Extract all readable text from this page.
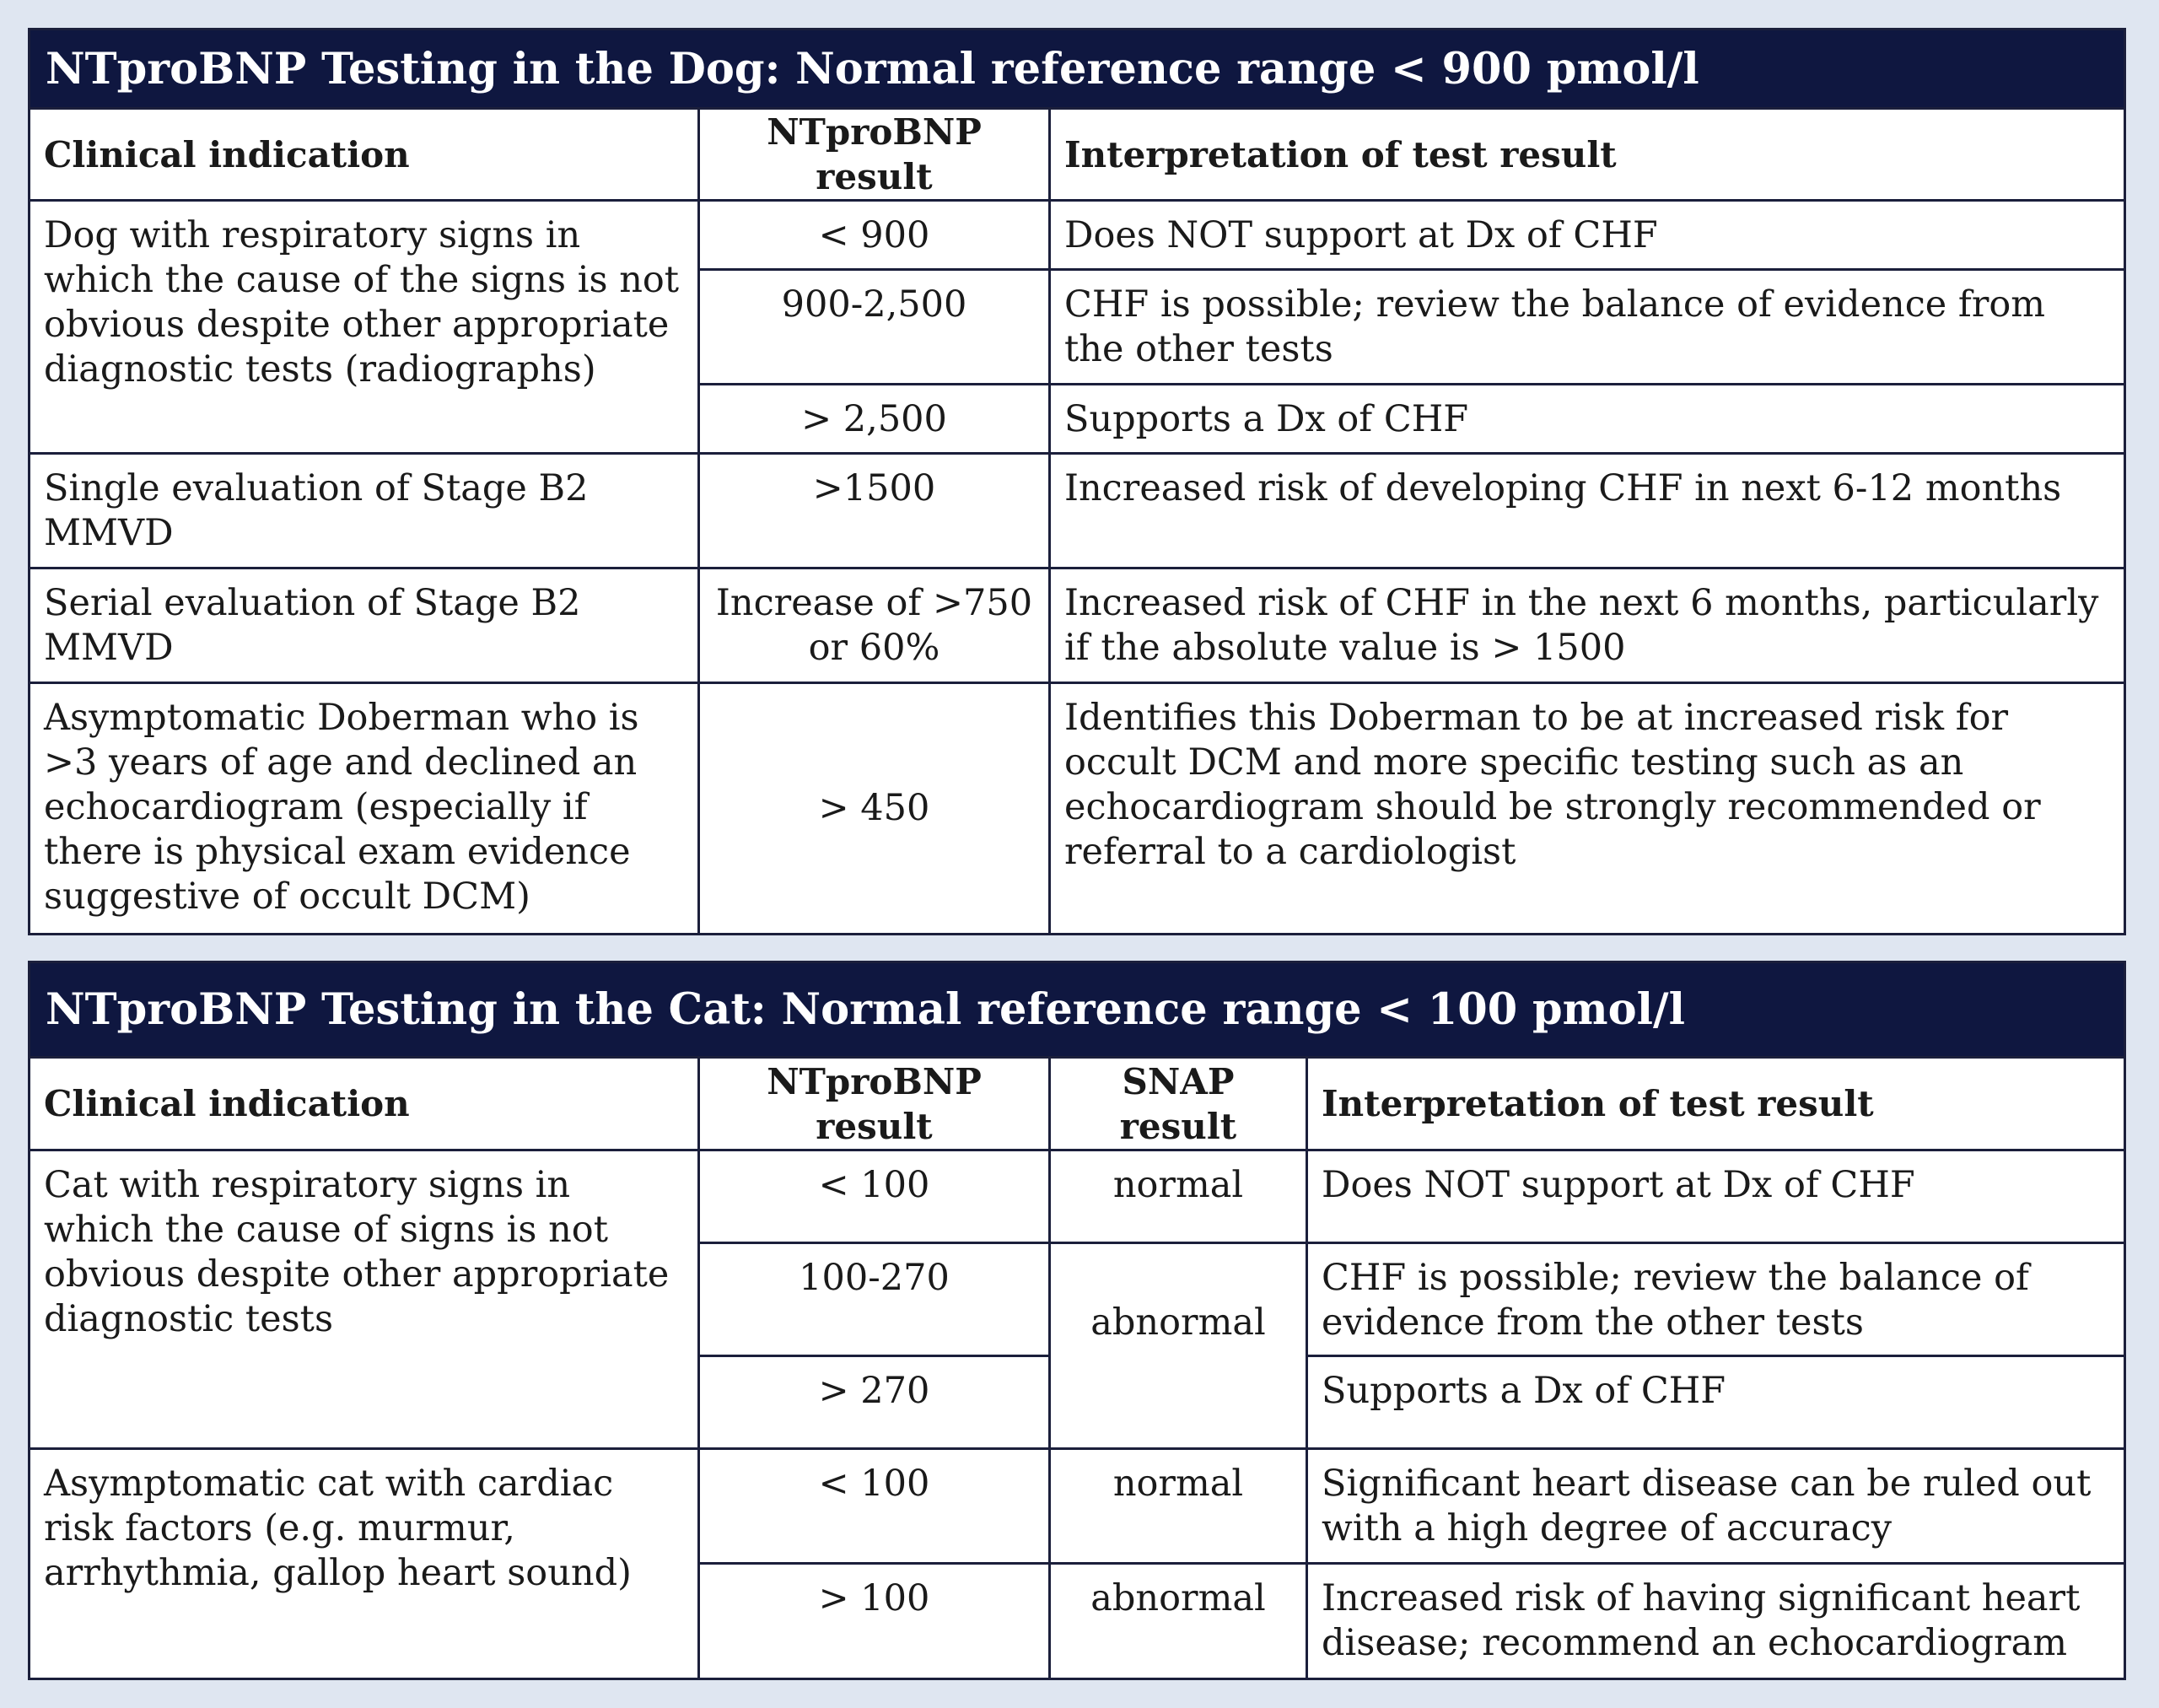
NTproBNP Testing in the Dog: Normal reference range < 900 pmol/l		
Clinical indication	NTproBNP result	Interpretation of test result
Dog with respiratory signs in which the cause of the signs is not obvious despite other appropriate diagnostic tests (radiographs)	< 900	Does NOT support at Dx of CHF
	900-2,500	CHF is possible; review the balance of evidence from the other tests
	> 2,500	Supports a Dx of CHF
Single evaluation of Stage B2 MMVD	>1500	Increased risk of developing CHF in next 6-12 months
Serial evaluation of Stage B2 MMVD	Increase of >750 or 60%	Increased risk of CHF in the next 6 months, particularly if the absolute value is > 1500
Asymptomatic Doberman who is >3 years of age and declined an echocardiogram (especially if there is physical exam evidence suggestive of occult DCM)	> 450	Identifies this Doberman to be at increased risk for occult DCM and more specific testing such as an echocardiogram should be strongly recommended or referral to a cardiologist
NTproBNP Testing in the Cat: Normal reference range < 100 pmol/l			
Clinical indication	NTproBNP result	SNAP result	Interpretation of test result
Cat with respiratory signs in which the cause of signs is not obvious despite other appropriate diagnostic tests	< 100	normal	Does NOT support at Dx of CHF
	100-270	abnormal	CHF is possible; review the balance of evidence from the other tests
	> 270		Supports a Dx of CHF
Asymptomatic cat with cardiac risk factors (e.g. murmur, arrhythmia, gallop heart sound)	< 100	normal	Significant heart disease can be ruled out with a high degree of accuracy
	> 100	abnormal	Increased risk of having significant heart disease; recommend an echocardiogram
